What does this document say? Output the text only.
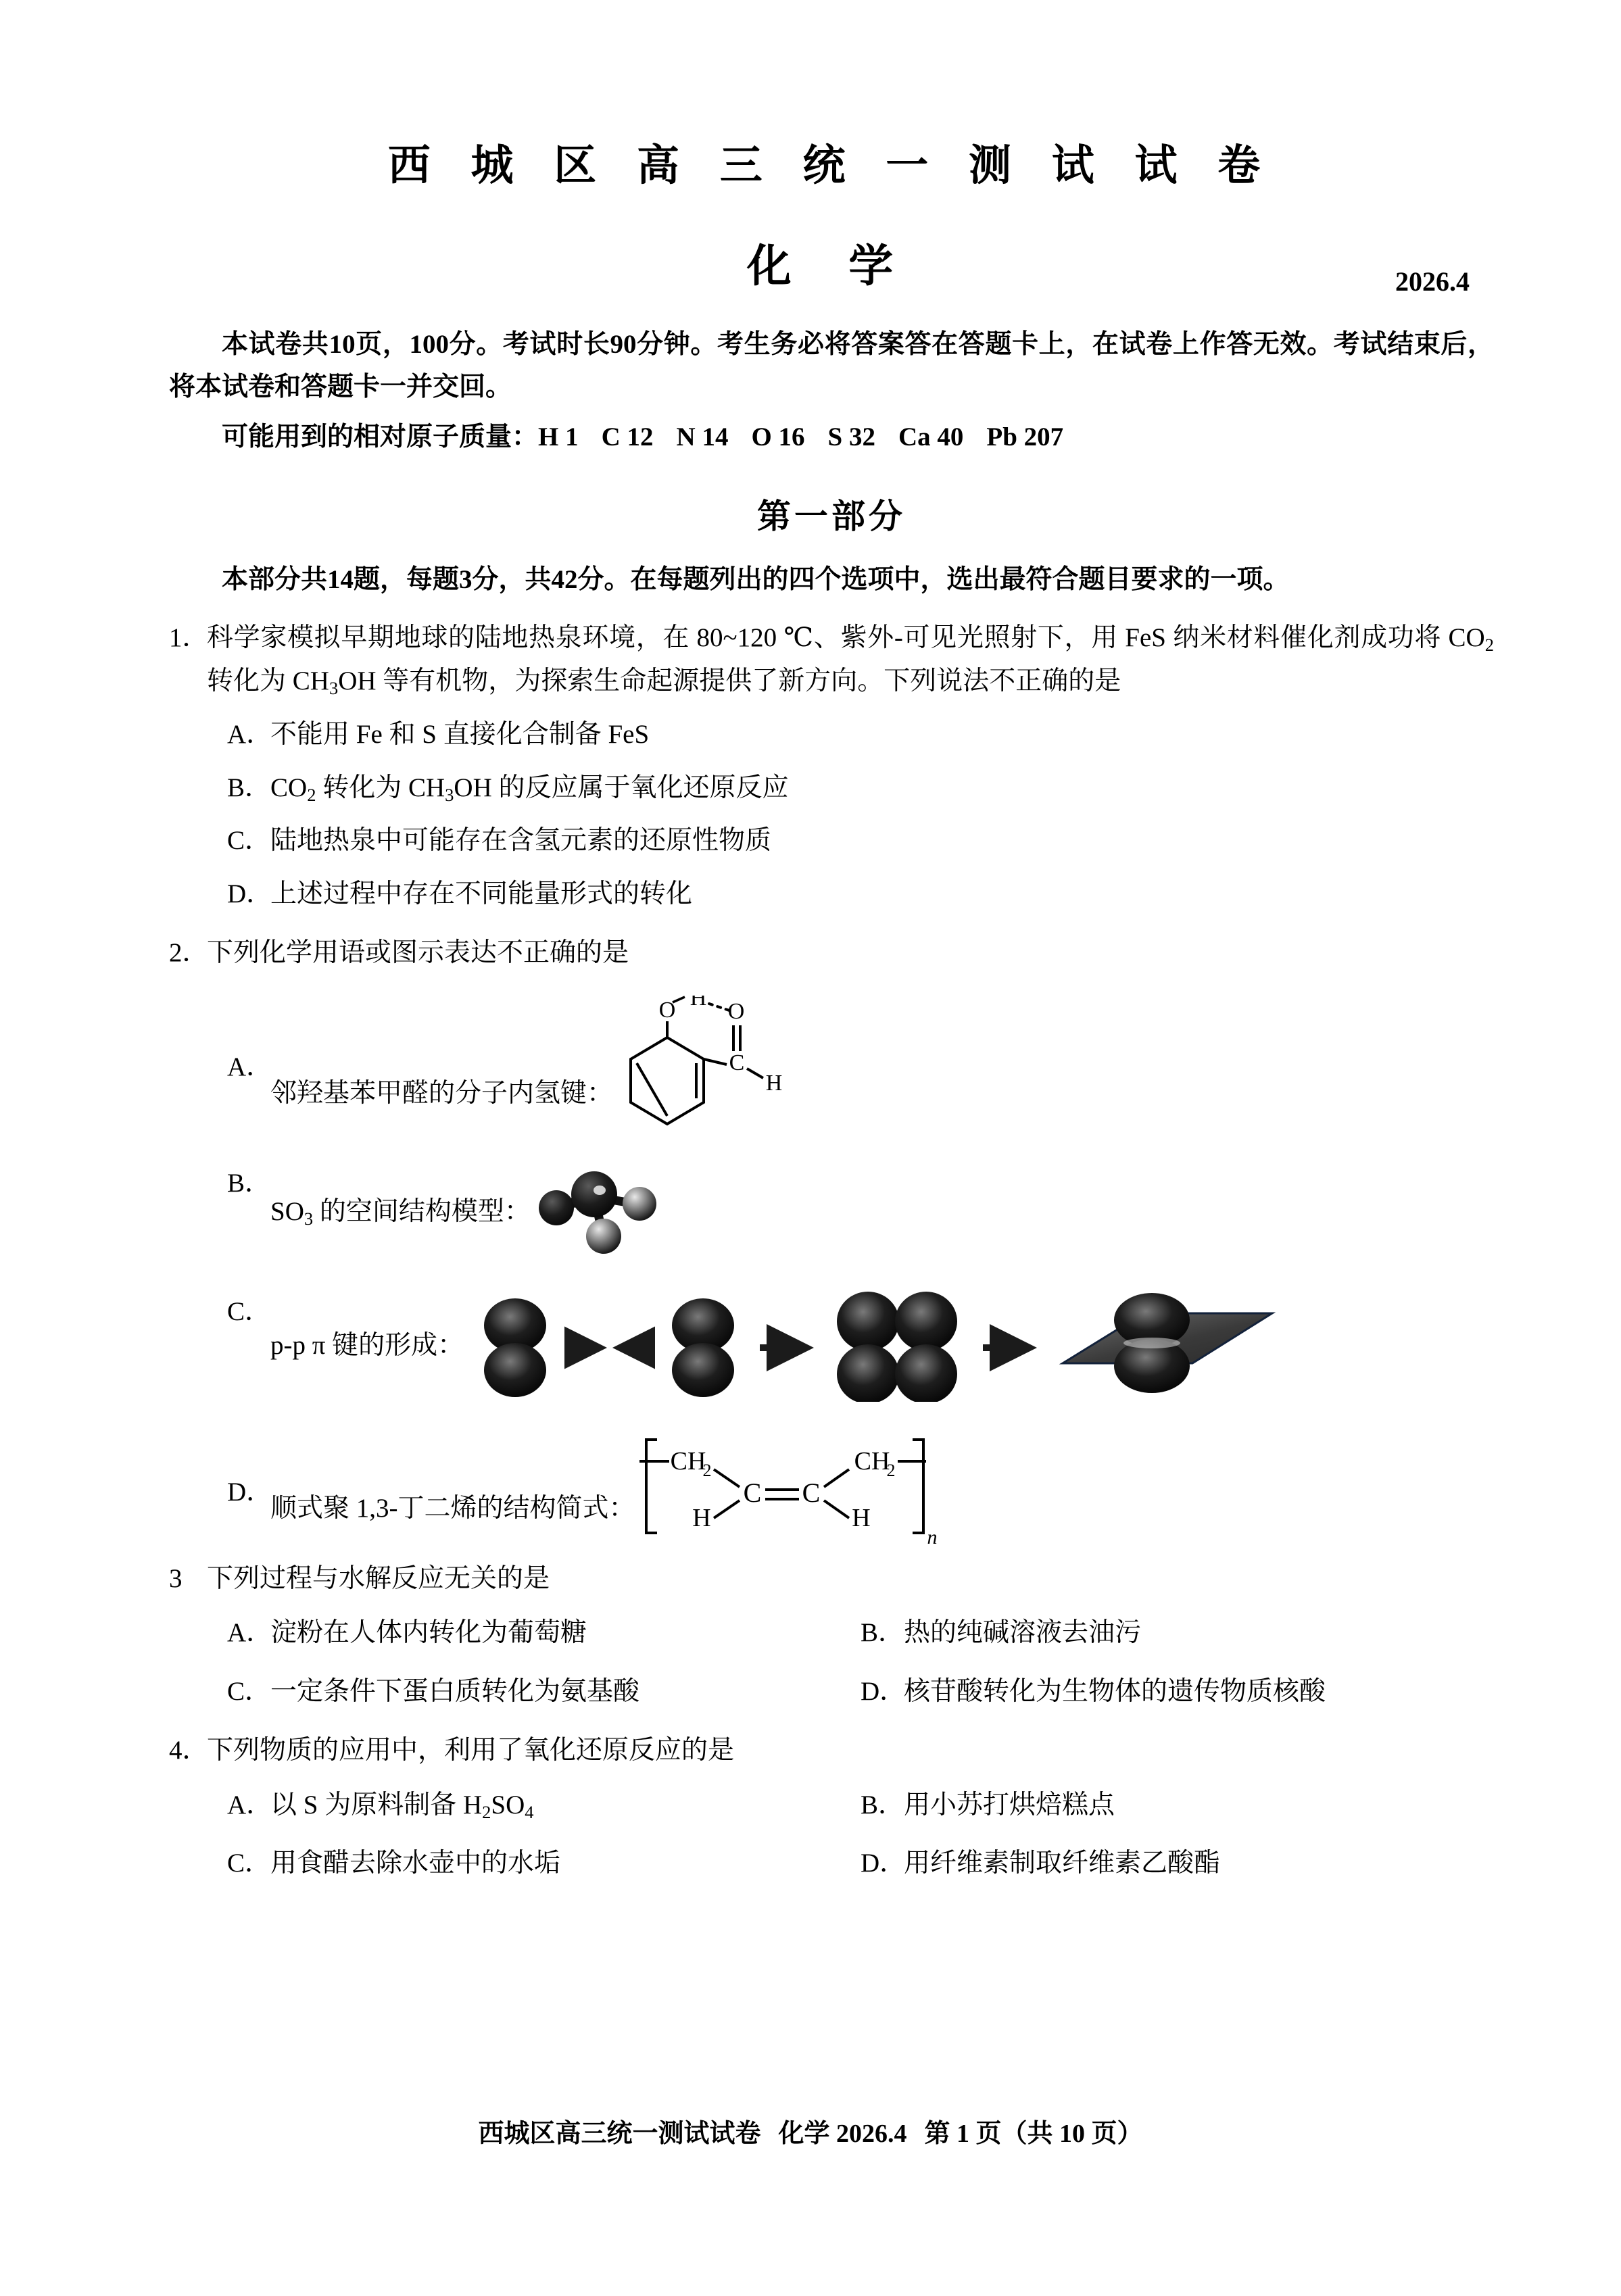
西 城 区 高 三 统 一 测 试 试 卷
化 学	2026.4
本试卷共10页，100分。考试时长90分钟。考生务必将答案答在答题卡上，在试卷上作答无效。考试结束后，将本试卷和答题卡一并交回。
可能用到的相对原子质量：H 1 C 12 N 14 O 16 S 32 Ca 40 Pb 207
第一部分
本部分共14题，每题3分，共42分。在每题列出的四个选项中，选出最符合题目要求的一项。
1．
科学家模拟早期地球的陆地热泉环境，在 80~120 ℃、紫外-可见光照射下，用 FeS 纳米材料催化剂成功将 $CO_2$ 转化为 $CH_3OH$ 等有机物，为探索生命起源提供了新方向。下列说法不正确的是
A．
不能用 Fe 和 S 直接化合制备 FeS
B．
$CO_2$ 转化为 $CH_3OH$ 的反应属于氧化还原反应
C．
陆地热泉中可能存在含氢元素的还原性物质
D．
上述过程中存在不同能量形式的转化
2．
下列化学用语或图示表达不正确的是
A．
邻羟基苯甲醛的分子内氢键：
O H
O
C
H
B．
$SO_3$ 的空间结构模型：
C．
p-p π 键的形成：
D．
顺式聚 1,3-丁二烯的结构简式：
CH
2
H
C C
CH
2
H
n
3 下列过程与水解反应无关的是
A．
淀粉在人体内转化为葡萄糖	B．
热的纯碱溶液去油污
C．
一定条件下蛋白质转化为氨基酸	D．
核苷酸转化为生物体的遗传物质核酸
4．
下列物质的应用中，利用了氧化还原反应的是
A．
以 S 为原料制备 $H_2SO_4$	B．
用小苏打烘焙糕点
C．
用食醋去除水壶中的水垢	D．
用纤维素制取纤维素乙酸酯
西城区高三统一测试试卷 化学 2026.4 第 1 页（共 10 页）
